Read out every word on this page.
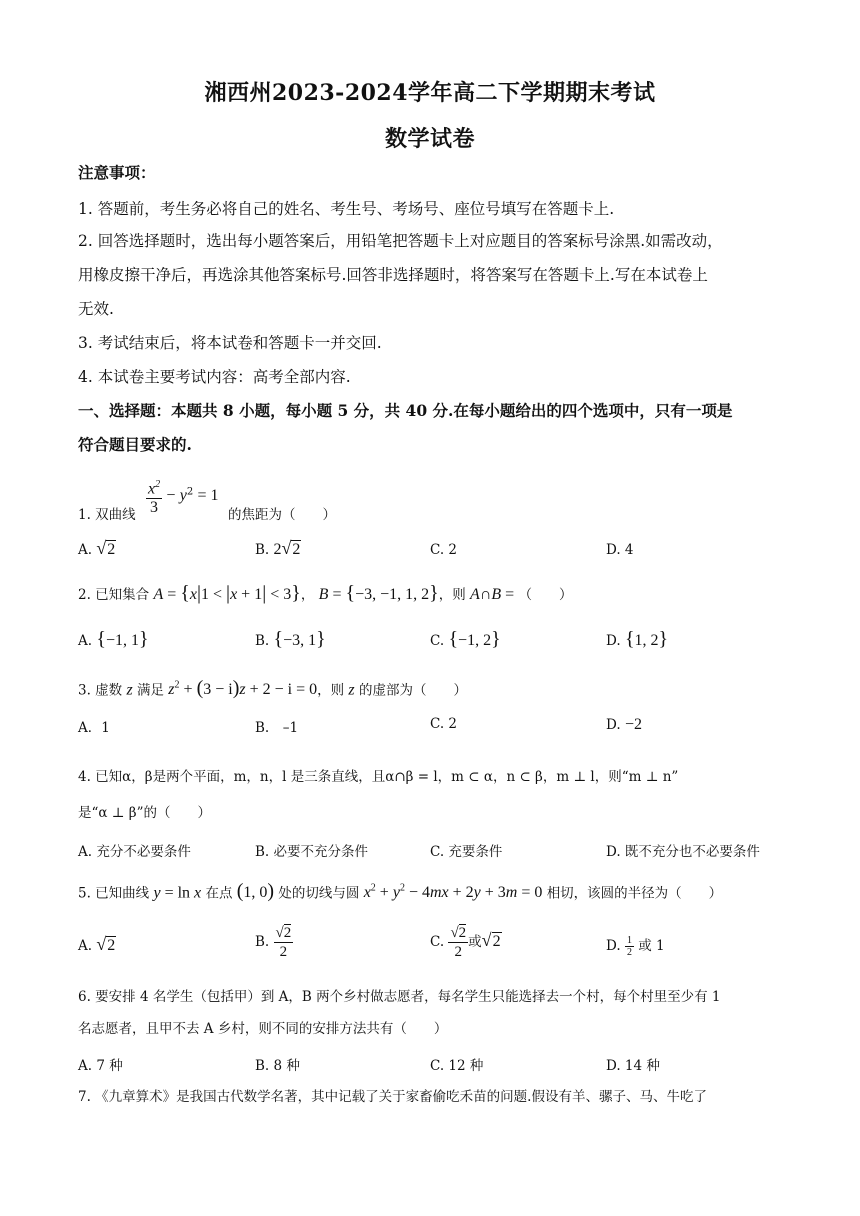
湘西州2023-2024学年高二下学期期末考试
数学试卷
注意事项：
1. 答题前，考生务必将自己的姓名、考生号、考场号、座位号填写在答题卡上.
2. 回答选择题时，选出每小题答案后，用铅笔把答题卡上对应题目的答案标号涂黑.如需改动，
用橡皮擦干净后，再选涂其他答案标号.回答非选择题时，将答案写在答题卡上.写在本试卷上
无效.
3. 考试结束后，将本试卷和答题卡一并交回.
4. 本试卷主要考试内容：高考全部内容.
一、选择题：本题共 8 小题，每小题 5 分，共 40 分.在每小题给出的四个选项中，只有一项是
符合题目要求的.
1. 双曲线 $\frac{x^2}{3} - y^2 = 1$
的焦距为（　　）
A. √2	B. 2√2	C. 2	D. 4
2. 已知集合 A = {x|1 < |x + 1| < 3}， B = {−3, −1, 1, 2}，则 A∩B = （　　）
A. {−1, 1}	B. {−3, 1}	C. {−1, 2}	D. {1, 2}
3. 虚数 z 满足 $z^2 + (3 - i)z + 2 - i = 0$，则 z 的虚部为（　　）
A．1	B.　–1	C. 2	D. −2
4. 已知α，β是两个平面，m，n，l 是三条直线，且α∩β = l，m ⊂ α，n ⊂ β，m ⊥ l，则“m ⊥ n”
是“α ⊥ β”的（　　）
A. 充分不必要条件	B. 必要不充分条件	C. 充要条件	D. 既不充分也不必要条件
5. 已知曲线 y = ln x 在点 (1, 0) 处的切线与圆 $x^2 + y^2 - 4mx + 2y + 3m = 0$ 相切，该圆的半径为（　　）
A. √2	B. $\frac{√2}{2}$	C. $\frac{√2}{2}$ 或√2	D. $\frac{1}{2}$ 或 1
6. 要安排 4 名学生（包括甲）到 A，B 两个乡村做志愿者，每名学生只能选择去一个村，每个村里至少有 1
名志愿者，且甲不去 A 乡村，则不同的安排方法共有（　　）
A. 7 种	B. 8 种	C. 12 种	D. 14 种
7. 《九章算术》是我国古代数学名著，其中记载了关于家畜偷吃禾苗的问题.假设有羊、骡子、马、牛吃了
